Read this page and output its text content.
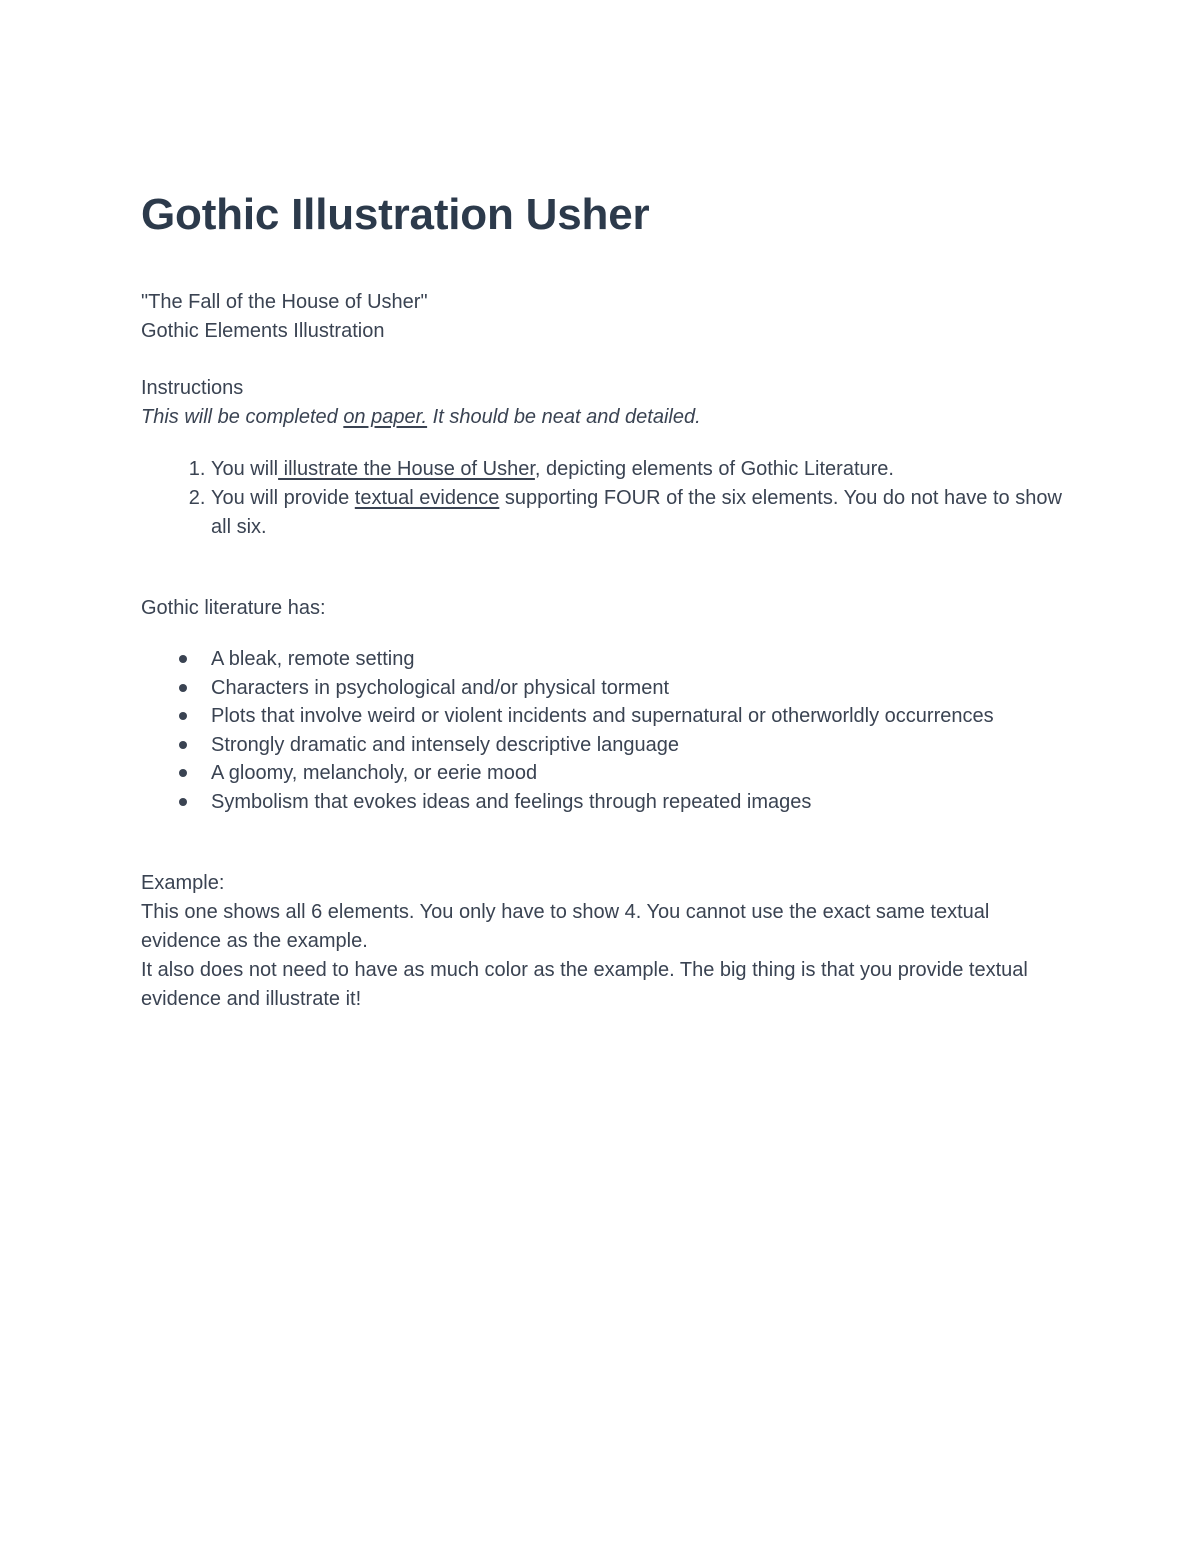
Gothic Illustration Usher
"The Fall of the House of Usher"
Gothic Elements Illustration
Instructions
This will be completed on paper. It should be neat and detailed.
1. You will illustrate the House of Usher, depicting elements of Gothic Literature.
2. You will provide textual evidence supporting FOUR of the six elements. You do not have to show all six.
Gothic literature has:
A bleak, remote setting
Characters in psychological and/or physical torment
Plots that involve weird or violent incidents and supernatural or otherworldly occurrences
Strongly dramatic and intensely descriptive language
A gloomy, melancholy, or eerie mood
Symbolism that evokes ideas and feelings through repeated images
Example:
This one shows all 6 elements. You only have to show 4. You cannot use the exact same textual evidence as the example.
It also does not need to have as much color as the example. The big thing is that you provide textual evidence and illustrate it!
